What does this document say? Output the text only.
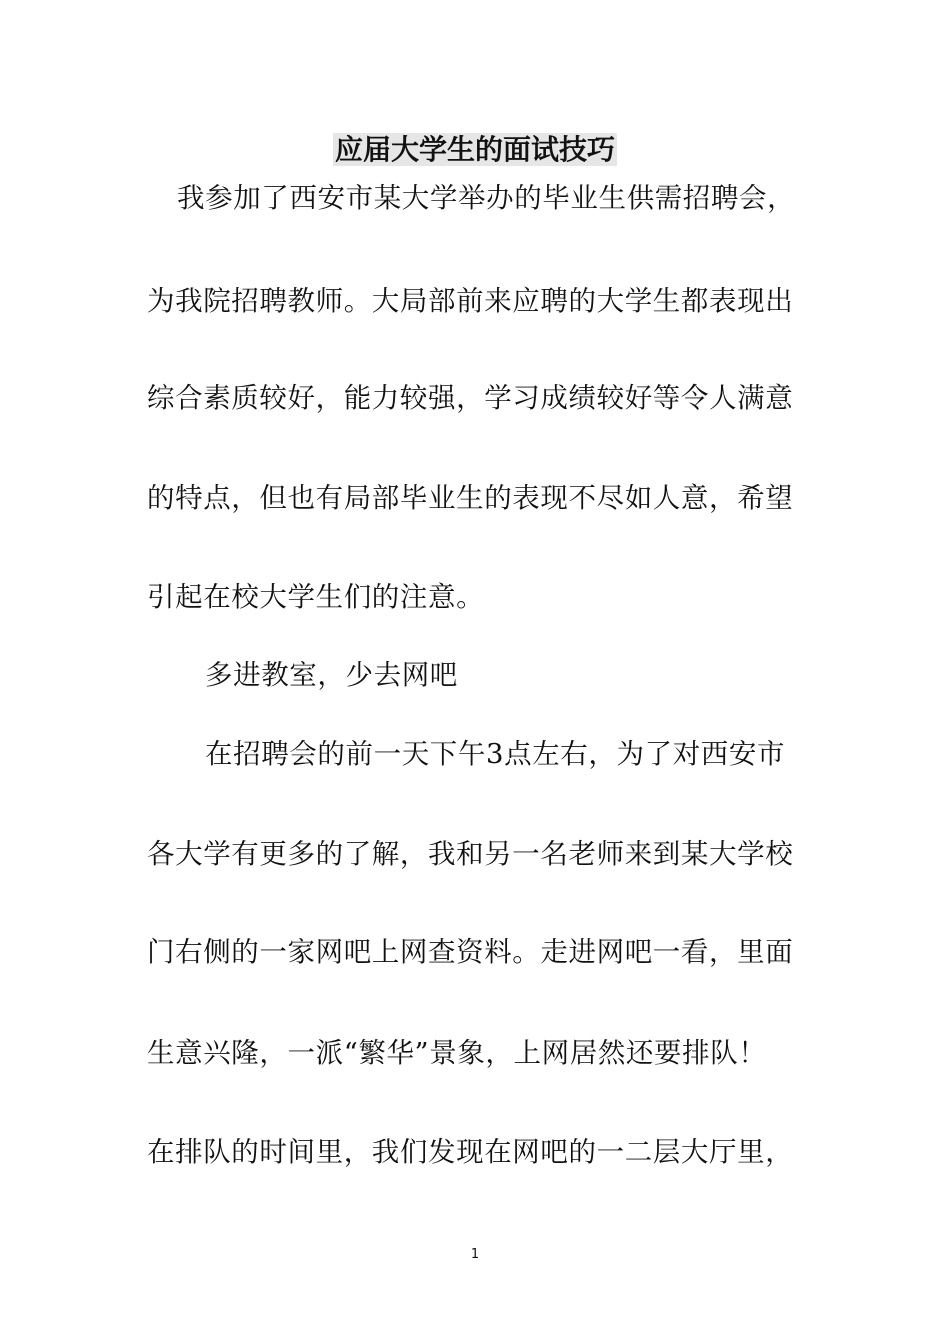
应届大学生的面试技巧
我参加了西安市某大学举办的毕业生供需招聘会，
为我院招聘教师。大局部前来应聘的大学生都表现出
综合素质较好，能力较强，学习成绩较好等令人满意
的特点，但也有局部毕业生的表现不尽如人意，希望
引起在校大学生们的注意。
多进教室，少去网吧
在招聘会的前一天下午3点左右，为了对西安市
各大学有更多的了解，我和另一名老师来到某大学校
门右侧的一家网吧上网查资料。走进网吧一看，里面
生意兴隆，一派“繁华”景象，上网居然还要排队！
在排队的时间里，我们发现在网吧的一二层大厅里，
1
